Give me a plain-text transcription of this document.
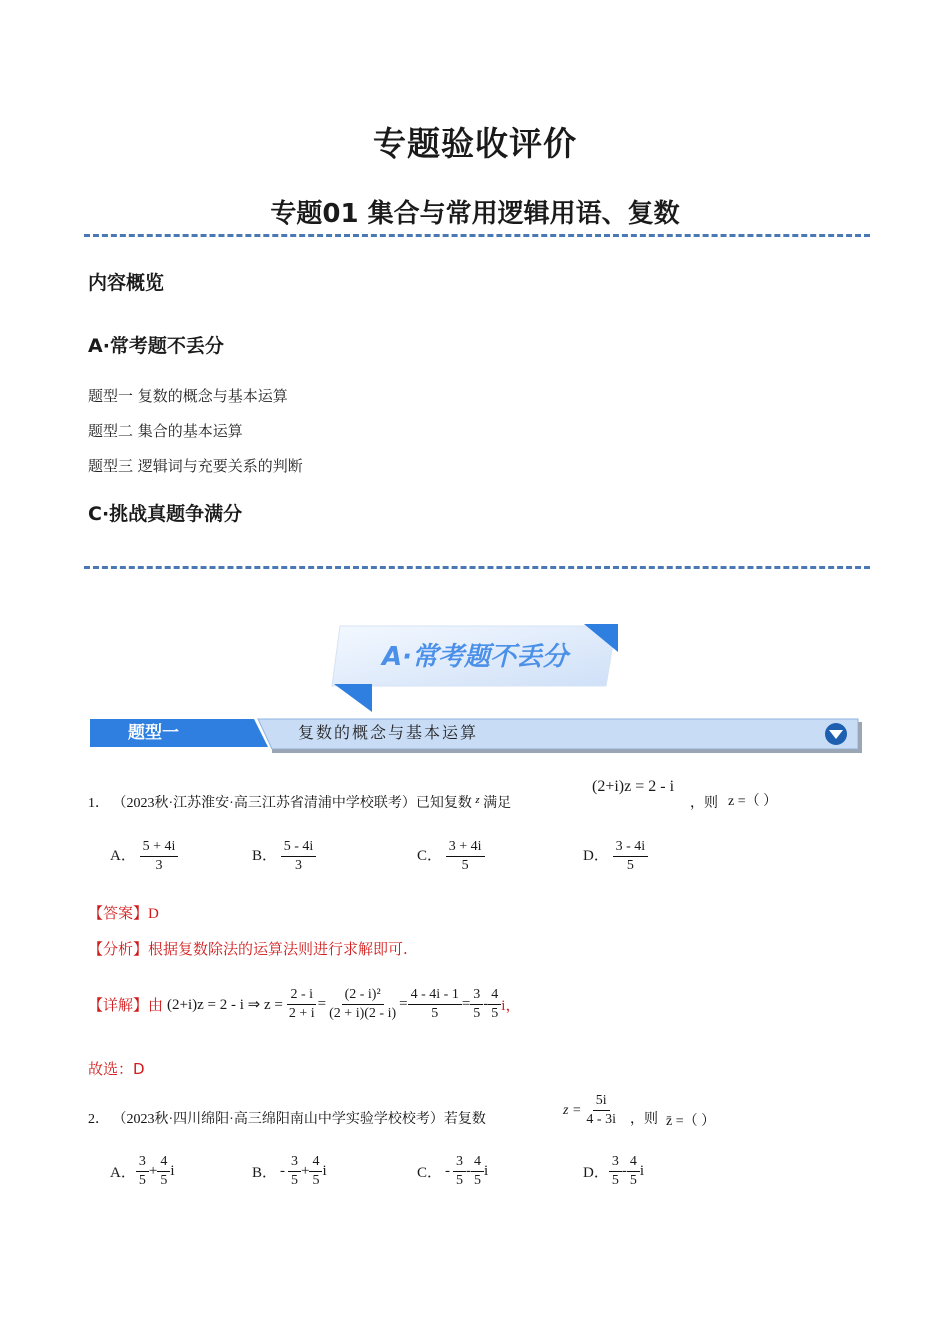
专题验收评价
专题01 集合与常用逻辑用语、复数
内容概览
A·常考题不丢分
题型一 复数的概念与基本运算
题型二 集合的基本运算
题型三 逻辑词与充要关系的判断
C·挑战真题争满分
A·常考题不丢分
题型一	复数的概念与基本运算
1． （2023秋·江苏淮安·高三江苏省清浦中学校联考）已知复数 $^z$ 满足
(2+i)z = 2 - i
，则 z =（ ）
A． $\frac{5 + 4i}{3}$	B． $\frac{5 - 4i}{3}$	C． $\frac{3 + 4i}{5}$	D． $\frac{3 - 4i}{5}$
【答案】D
【分析】根据复数除法的运算法则进行求解即可.
【详解】 由 (2+i)z = 2 - i ⇒ $z = \frac{2 - i}{2 + i} = \frac{\text{(2 - i)²}}{(2 + i)(2 - i)} = \frac{4 - 4i - 1}{5} = \frac{3}{5} - \frac{4}{5}$ i，
故选：D
2． （2023秋·四川绵阳·高三绵阳南山中学实验学校校考）若复数
$z = \frac{5i}{4 - 3i}$ ，则 z̄ =（ ）
A． $\frac{3}{5} + \frac{4}{5}$ i	B． - $\frac{3}{5} + \frac{4}{5}$ i	C． - $\frac{3}{5} - \frac{4}{5}$ i	D． $\frac{3}{5} - \frac{4}{5}$ i
